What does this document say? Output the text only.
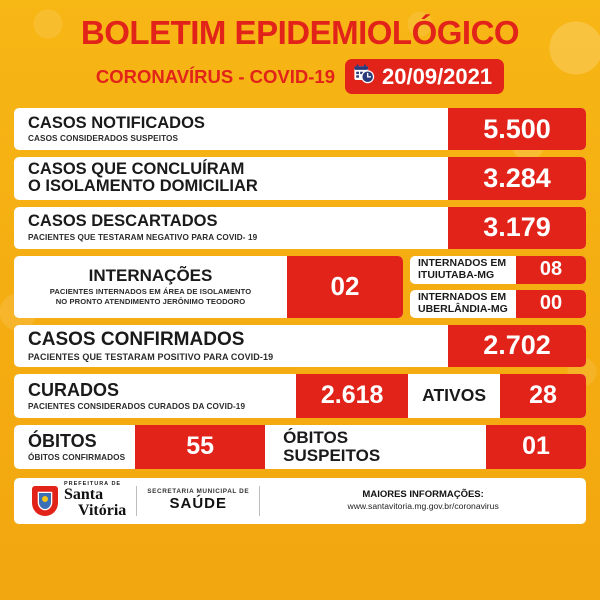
BOLETIM EPIDEMIOLÓGICO
CORONAVÍRUS - COVID-19 20/09/2021
CASOS NOTIFICADOS
CASOS CONSIDERADOS SUSPEITOS	5.500
CASOS QUE CONCLUÍRAM
O ISOLAMENTO DOMICILIAR	3.284
CASOS DESCARTADOS
PACIENTES QUE TESTARAM NEGATIVO PARA COVID- 19	3.179
INTERNAÇÕES
PACIENTES INTERNADOS EM ÁREA DE ISOLAMENTO
NO PRONTO ATENDIMENTO JERÔNIMO TEODORO	02
INTERNADOS EM
ITUIUTABA-MG	08
INTERNADOS EM
UBERLÂNDIA-MG	00
CASOS CONFIRMADOS
PACIENTES QUE TESTARAM POSITIVO PARA COVID-19	2.702
CURADOS
PACIENTES CONSIDERADOS CURADOS DA COVID-19	2.618	ATIVOS	28
ÓBITOS
ÓBITOS CONFIRMADOS	55	ÓBITOS
SUSPEITOS	01
PREFEITURA DE
Santa
Vitória
SECRETARIA MUNICIPAL DE
SAÚDE
MAIORES INFORMAÇÕES:
www.santavitoria.mg.gov.br/coronavirus
